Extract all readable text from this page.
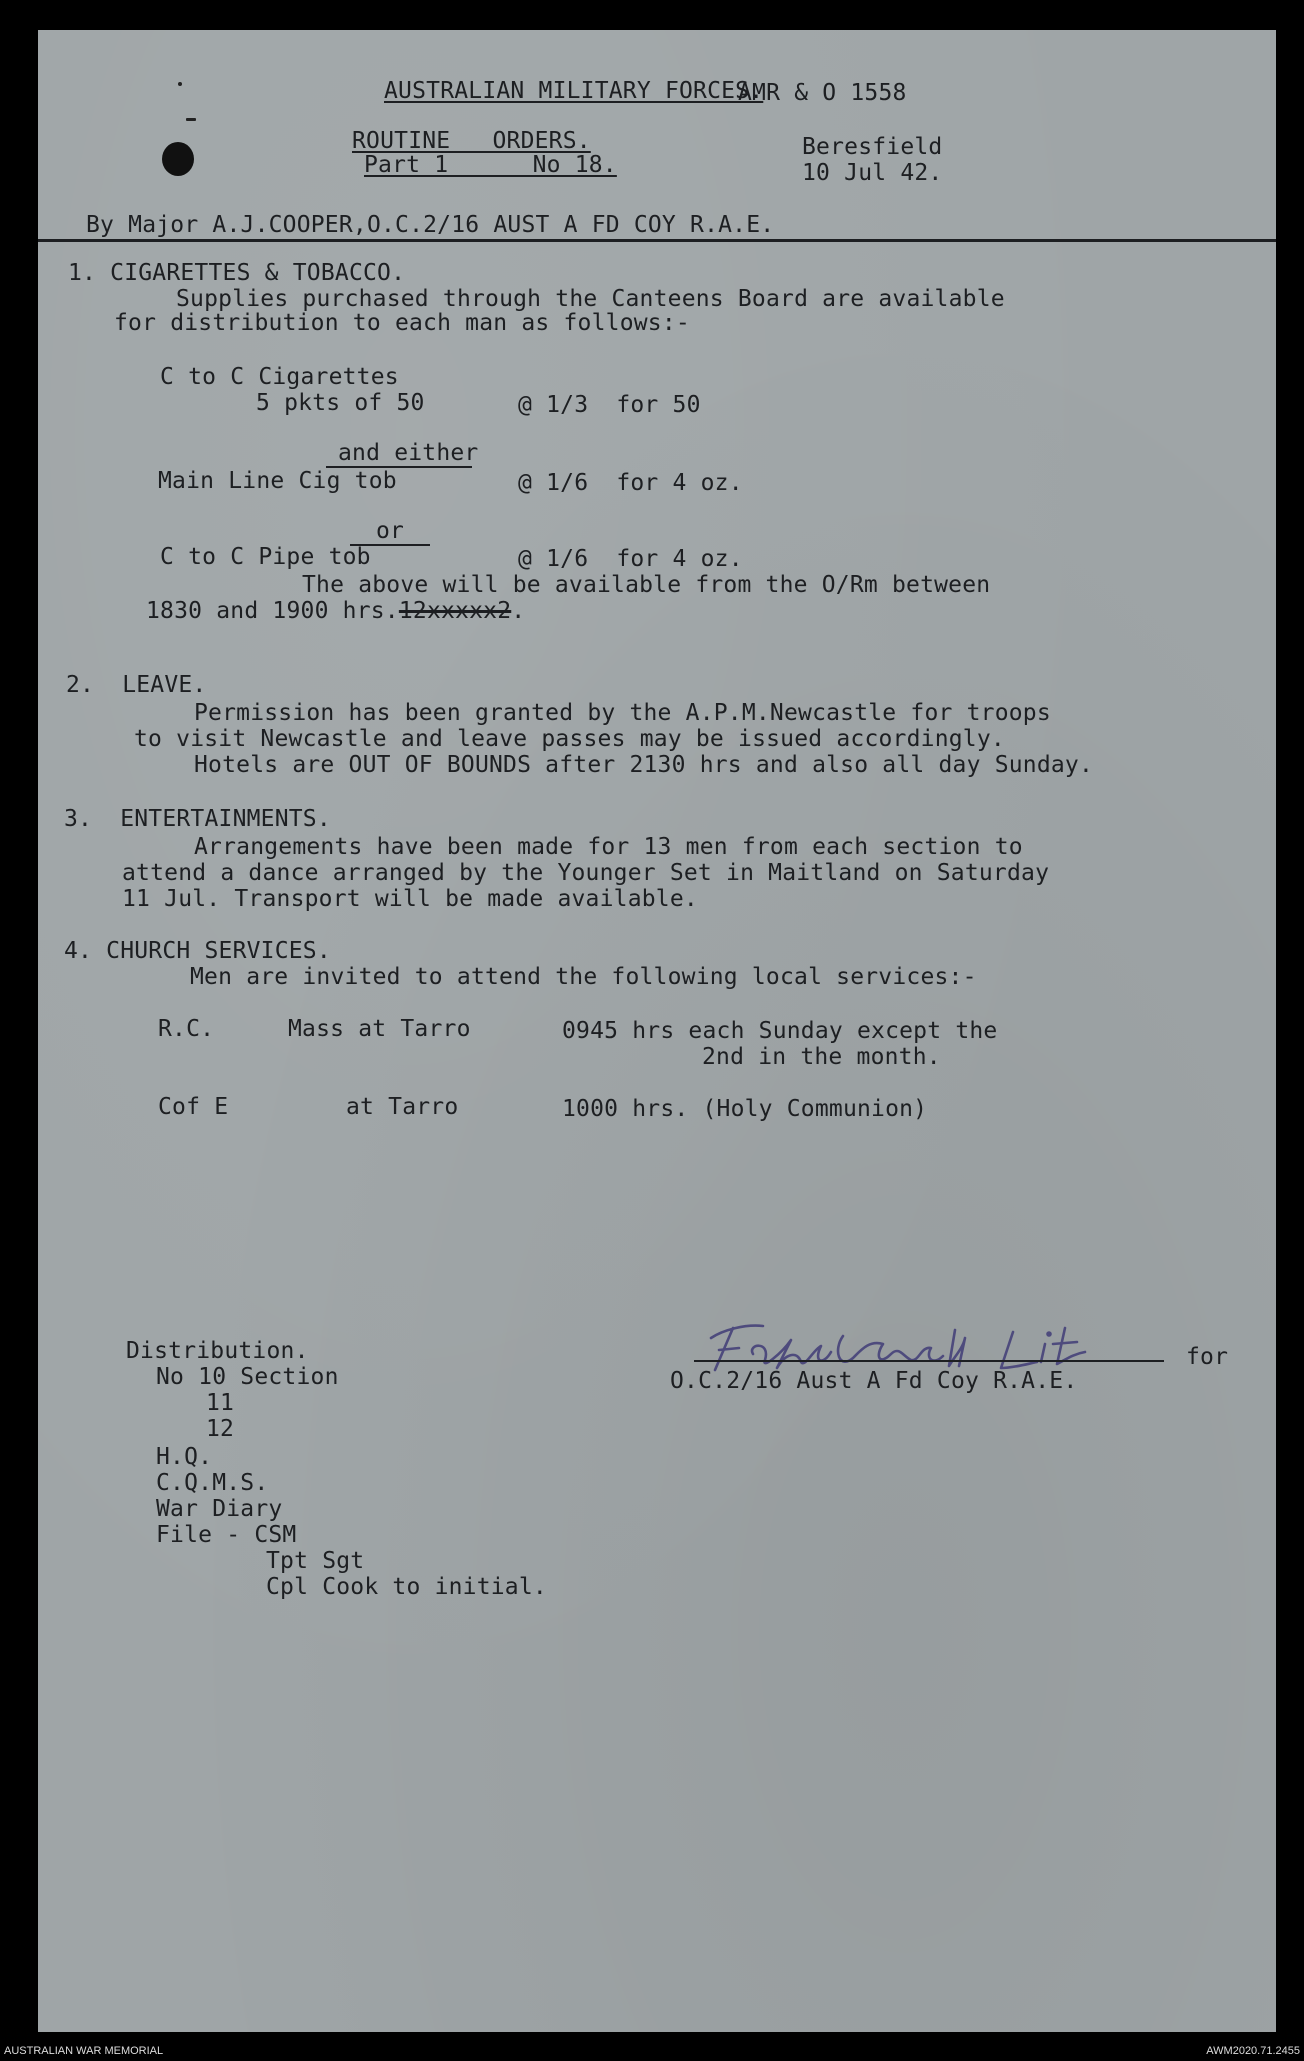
AUSTRALIAN MILITARY FORCES.
AMR & O 1558
ROUTINE   ORDERS.
Part 1      No 18.
Beresfield
10 Jul 42.
By Major A.J.COOPER,O.C.2/16 AUST A FD COY R.A.E.
1. CIGARETTES & TOBACCO.
Supplies purchased through the Canteens Board are available
for distribution to each man as follows:-
C to C Cigarettes
5 pkts of 50	@ 1/3  for 50
and either
Main Line Cig tob	@ 1/6  for 4 oz.
or
C to C Pipe tob	@ 1/6  for 4 oz.
The above will be available from the O/Rm between
1830 and 1900 hrs.12xxxxx2.
2.  LEAVE.
Permission has been granted by the A.P.M.Newcastle for troops
to visit Newcastle and leave passes may be issued accordingly.
Hotels are OUT OF BOUNDS after 2130 hrs and also all day Sunday.
3.  ENTERTAINMENTS.
Arrangements have been made for 13 men from each section to
attend a dance arranged by the Younger Set in Maitland on Saturday
11 Jul. Transport will be made available.
4. CHURCH SERVICES.
Men are invited to attend the following local services:-
R.C.	Mass at Tarro	0945 hrs each Sunday except the
2nd in the month.
Cof E	at Tarro	1000 hrs. (Holy Communion)
for
O.C.2/16 Aust A Fd Coy R.A.E.
Distribution.
No 10 Section
11
12
H.Q.
C.Q.M.S.
War Diary
File - CSM
Tpt Sgt
Cpl Cook to initial.
AUSTRALIAN WAR MEMORIAL	AWM2020.71.2455
